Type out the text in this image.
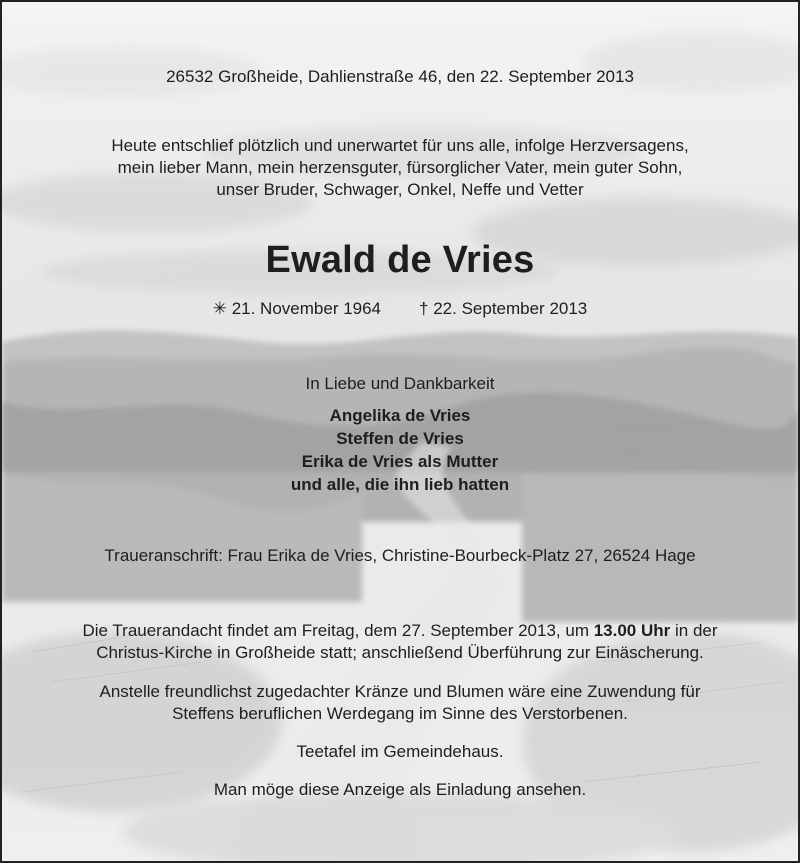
26532 Großheide, Dahlienstraße 46, den 22. September 2013
Heute entschlief plötzlich und unerwartet für uns alle, infolge Herzversagens,
mein lieber Mann, mein herzensguter, fürsorglicher Vater, mein guter Sohn,
unser Bruder, Schwager, Onkel, Neffe und Vetter
Ewald de Vries
✳ 21. November 1964 † 22. September 2013
In Liebe und Dankbarkeit
Angelika de Vries
Steffen de Vries
Erika de Vries als Mutter
und alle, die ihn lieb hatten
Traueranschrift: Frau Erika de Vries, Christine-Bourbeck-Platz 27, 26524 Hage
Die Trauerandacht findet am Freitag, dem 27. September 2013, um 13.00 Uhr in der
Christus-Kirche in Großheide statt; anschließend Überführung zur Einäscherung.
Anstelle freundlichst zugedachter Kränze und Blumen wäre eine Zuwendung für
Steffens beruflichen Werdegang im Sinne des Verstorbenen.
Teetafel im Gemeindehaus.
Man möge diese Anzeige als Einladung ansehen.
